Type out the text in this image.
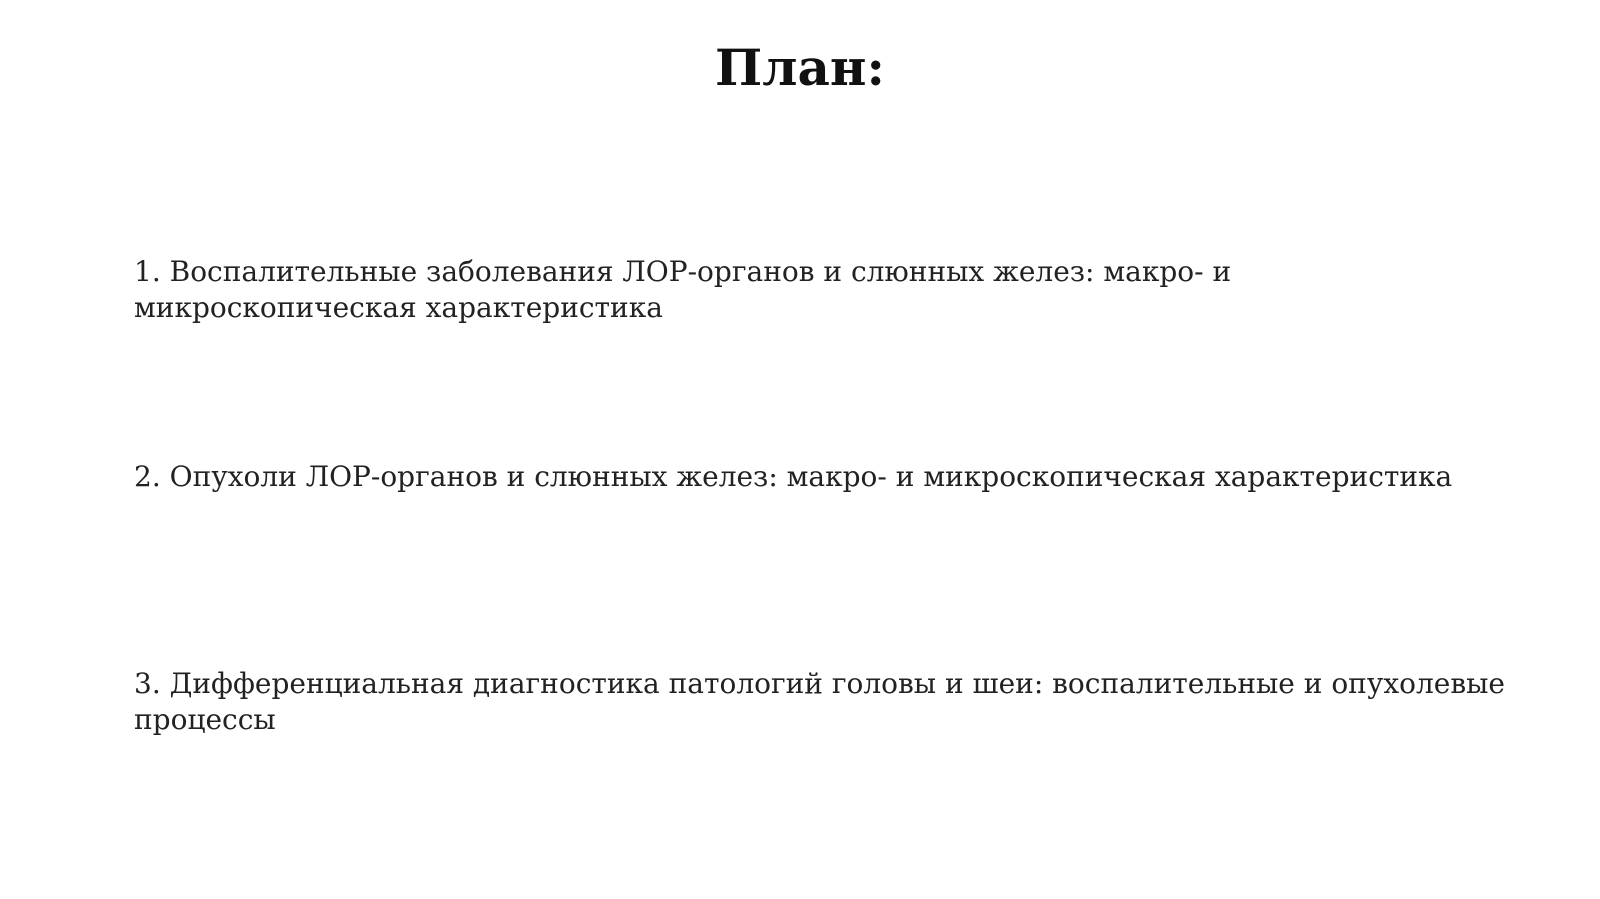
План:
1. Воспалительные заболевания ЛОР-органов и слюнных желез: макро- и микроскопическая характеристика
2. Опухоли ЛОР-органов и слюнных желез: макро- и микроскопическая характеристика
3. Дифференциальная диагностика патологий головы и шеи: воспалительные и опухолевые процессы
